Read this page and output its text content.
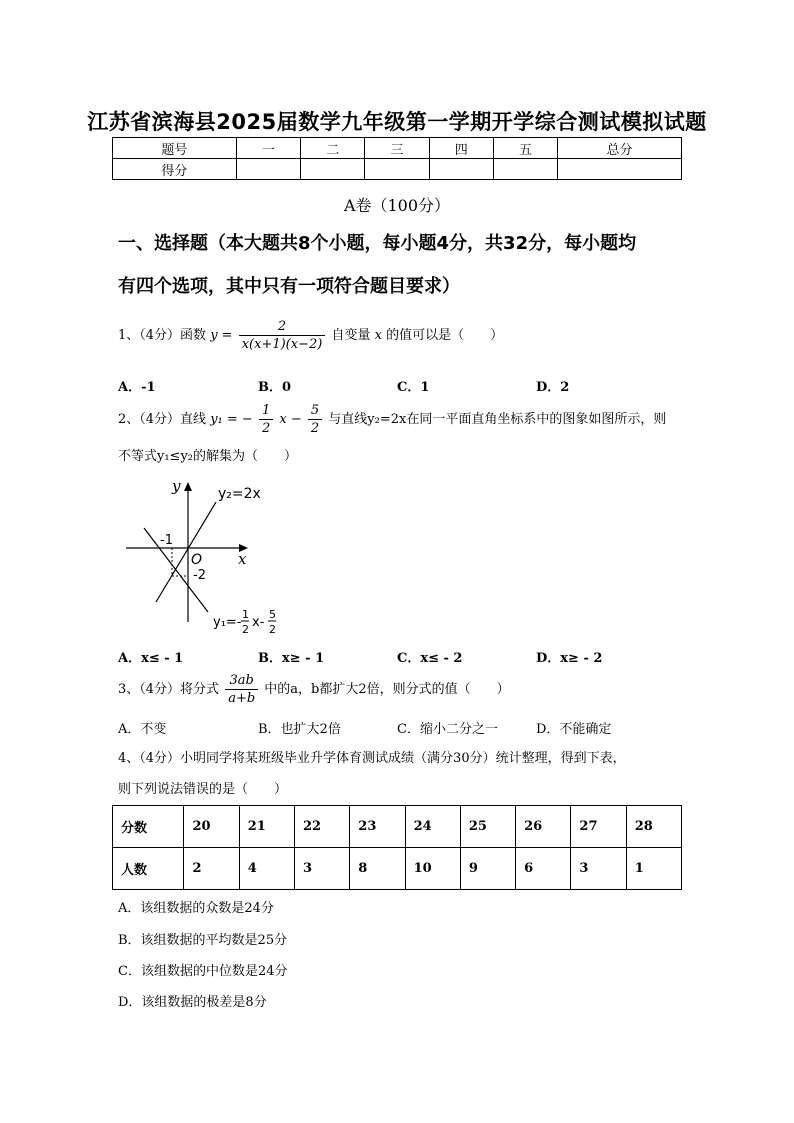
江苏省滨海县2025届数学九年级第一学期开学综合测试模拟试题
题号	一	二	三	四	五	总分
得分						
A卷（100分）
一、选择题（本大题共8个小题，每小题4分，共32分，每小题均
有四个选项，其中只有一项符合题目要求）
1、（4分）函数 $y = \frac{2}{x(x+1)(x-2)}$ 自变量 x 的值可以是（　　）
A．-1	B．0	C．1	D．2
2、（4分）直线 y₁ = − $\frac{1}{2}$ $x - \frac{5}{2}$ 与直线y₂=2x在同一平面直角坐标系中的图象如图所示，则
不等式y₁≤y₂的解集为（　　）
y
x
O
-1
-2
y₂=2x
y₁=-
1
2 x-
5
2
A．x≤ - 1	B．x≥ - 1	C．x≤ - 2	D．x≥ - 2
3、（4分）将分式 $\frac{3ab}{a+b}$ 中的a，b都扩大2倍，则分式的值（　　）
A．不变	B．也扩大2倍	C．缩小二分之一	D．不能确定
4、（4分）小明同学将某班级毕业升学体育测试成绩（满分30分）统计整理，得到下表，
则下列说法错误的是（　　）
分数	20	21	22	23	24	25	26	27	28
人数	2	4	3	8	10	9	6	3	1
A．该组数据的众数是24分
B．该组数据的平均数是25分
C．该组数据的中位数是24分
D．该组数据的极差是8分
